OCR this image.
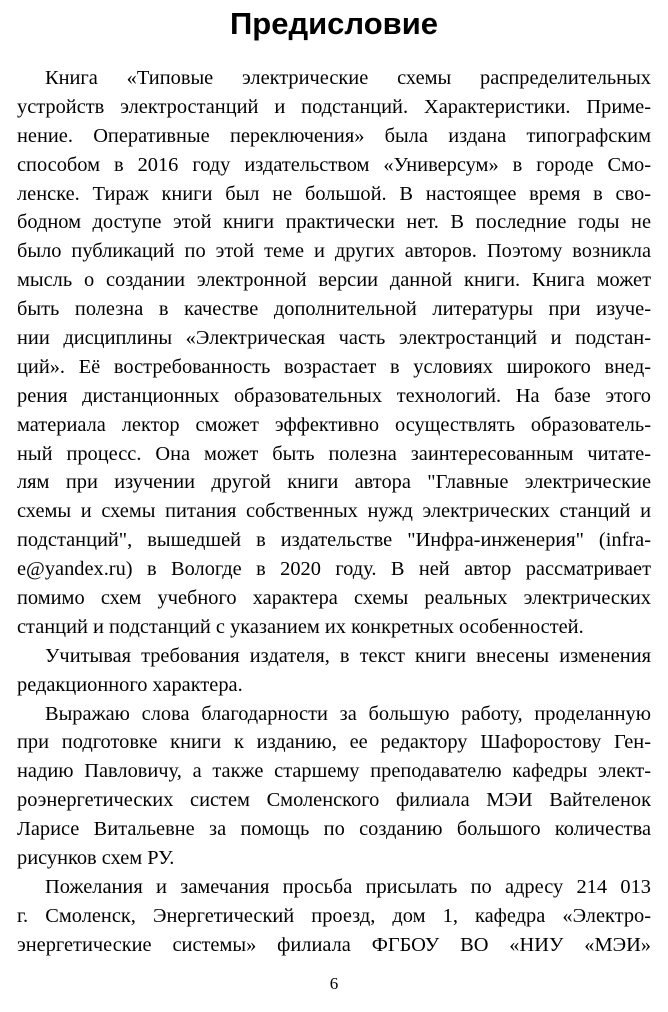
Предисловие

Книга «Типовые электрические схемы распределительных
устройств электростанций и подстанций. Характеристики. Приме-
нение. Оперативные переключения» была издана типографским
способом в 2016 году издательством «Универсум» в городе Смо-
ленске. Тираж книги был не большой. В настоящее время в сво-
бодном доступе этой книги практически нет. В последние годы не
было публикаций по этой теме и других авторов. Поэтому возникла
мысль о создании электронной версии данной книги. Книга может
быть полезна в качестве дополнительной литературы при изучe-
нии дисциплины «Электрическая часть электростанций и подстан-
ций». Её востребованность возрастает в условиях широкого внед-
рения дистанционных образовательных технологий. На базе этого
материала лектор сможет эффективно осуществлять образователь-
ный процесс. Она может быть полезна заинтересованным читате-
лям при изучении другой книги автора "Главные электрические
схемы и схемы питания собственных нужд электрических станций и
подстанций", вышедшей в издательстве "Инфра-инженерия" (infra-
e@yandex.ru) в Вологде в 2020 году. В ней автор рассматривает
помимо схем учебного характера схемы реальных электрических
станций и подстанций с указанием их конкретных особенностей.

Учитывая требования издателя, в текст книги внесены изменения
редакционного характера.

Выражаю слова благодарности за большую работу, проделанную
при подготовке книги к изданию, ее редактору Шафоростову Ген-
надию Павловичу, а также старшему преподавателю кафедры элект-
роэнергетических систем Смоленского филиала МЭИ Вайтеленок
Ларисе Витальевне за помощь по созданию большого количества
рисунков схем РУ.

Пожелания и замечания просьба присылать по адресу 214 013
г. Смоленск, Энергетический проезд, дом 1, кафедра «Электро-
энергетические системы» филиала ФГБОУ ВО «НИУ «МЭИ»

6
